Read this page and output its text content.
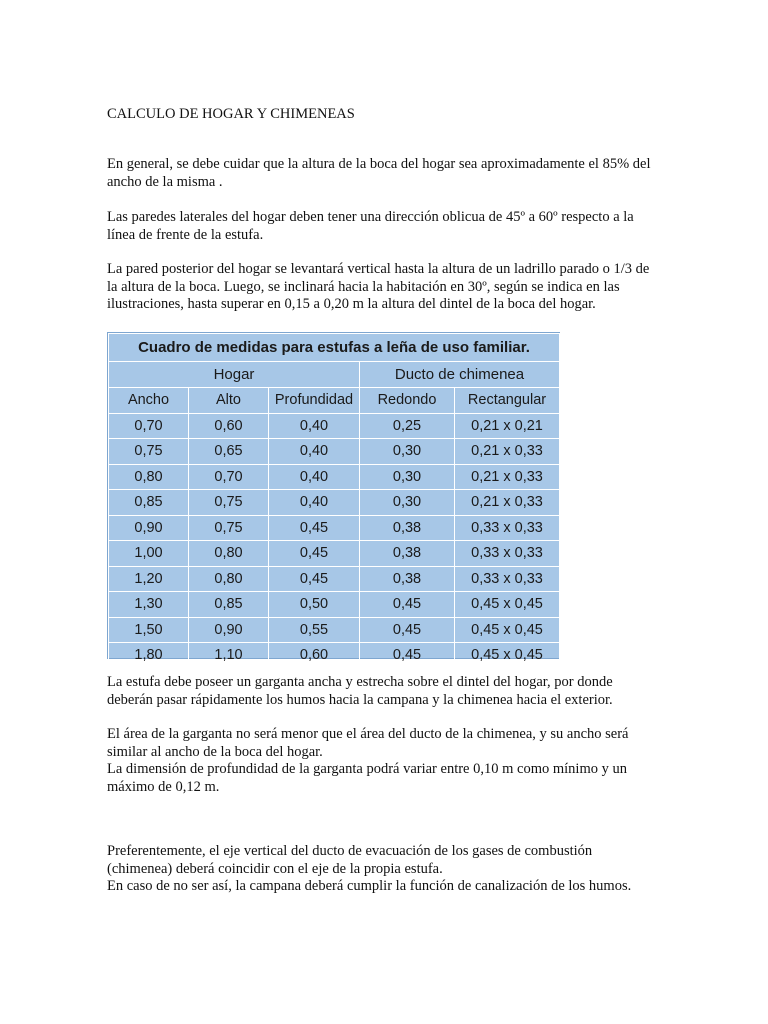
CALCULO DE HOGAR Y CHIMENEAS

En general, se debe cuidar que la altura de la boca del hogar sea aproximadamente el 85% del ancho de la misma .

Las paredes laterales del hogar deben tener una dirección oblicua de 45º a 60º respecto a la línea de frente de la estufa.

La pared posterior del hogar se levantará vertical hasta la altura de un ladrillo parado o 1/3 de la altura de la boca. Luego, se inclinará hacia la habitación en 30º, según se indica en las ilustraciones, hasta superar en 0,15 a 0,20 m la altura del dintel de la boca del hogar.

La estufa debe poseer un garganta ancha y estrecha sobre el dintel del hogar, por donde deberán pasar rápidamente los humos hacia la campana y la chimenea hacia el exterior.

El área de la garganta no será menor que el área del ducto de la chimenea, y su ancho será similar al ancho de la boca del hogar.

La dimensión de profundidad de la garganta podrá variar entre 0,10 m como mínimo y un máximo de 0,12 m.

Preferentemente, el eje vertical del ducto de evacuación de los gases de combustión (chimenea) deberá coincidir con el eje de la propia estufa.

En caso de no ser así, la campana deberá cumplir la función de canalización de los humos.

Cuadro de medidas para estufas a leña de uso familiar.				
Hogar			Ducto de chimenea	
Ancho	Alto	Profundidad	Redondo	Rectangular
0,70	0,60	0,40	0,25	0,21 x 0,21
0,75	0,65	0,40	0,30	0,21 x 0,33
0,80	0,70	0,40	0,30	0,21 x 0,33
0,85	0,75	0,40	0,30	0,21 x 0,33
0,90	0,75	0,45	0,38	0,33 x 0,33
1,00	0,80	0,45	0,38	0,33 x 0,33
1,20	0,80	0,45	0,38	0,33 x 0,33
1,30	0,85	0,50	0,45	0,45 x 0,45
1,50	0,90	0,55	0,45	0,45 x 0,45
1,80	1,10	0,60	0,45	0,45 x 0,45
